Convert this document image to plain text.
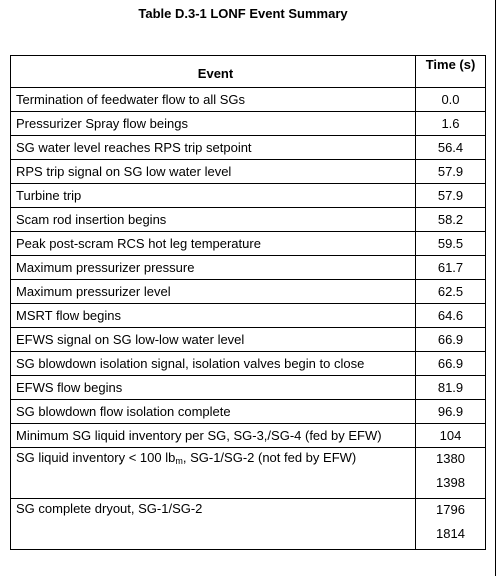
Table D.3-1 LONF Event Summary
Event	Time (s)
Termination of feedwater flow to all SGs	0.0
Pressurizer Spray flow beings	1.6
SG water level reaches RPS trip setpoint	56.4
RPS trip signal on SG low water level	57.9
Turbine trip	57.9
Scam rod insertion begins	58.2
Peak post-scram RCS hot leg temperature	59.5
Maximum pressurizer pressure	61.7
Maximum pressurizer level	62.5
MSRT flow begins	64.6
EFWS signal on SG low-low water level	66.9
SG blowdown isolation signal, isolation valves begin to close	66.9
EFWS flow begins	81.9
SG blowdown flow isolation complete	96.9
Minimum SG liquid inventory per SG, SG-3,/SG-4 (fed by EFW)	104
SG liquid inventory < 100 $lb_m$, SG-1/SG-2 (not fed by EFW)	1380
1398

SG complete dryout, SG-1/SG-2	1796
1814
